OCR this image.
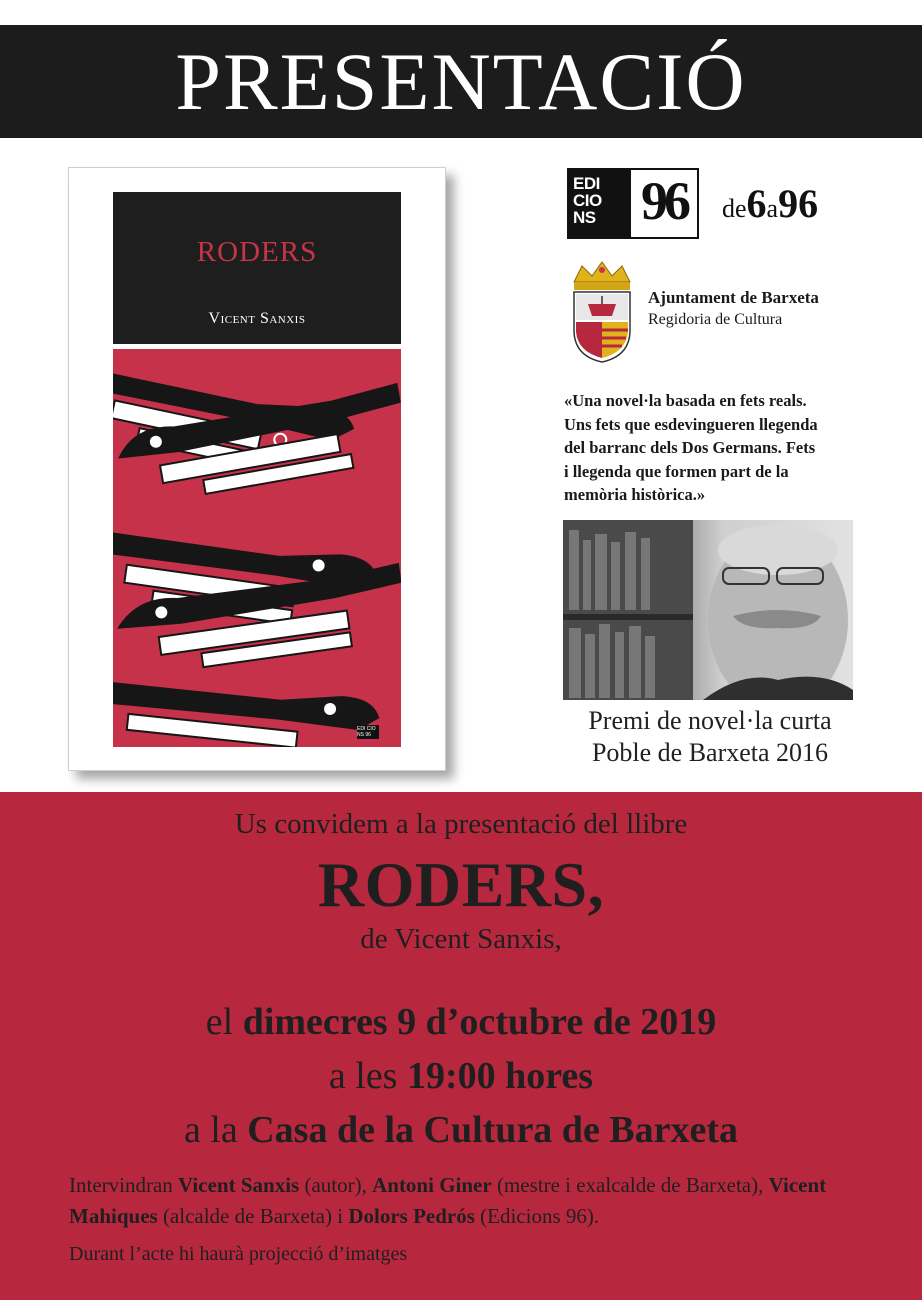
PRESENTACIÓ
RODERS
Vicent Sanxis
EDI CIO NS 96
EDI
CIO
NS 96	de6a96
Ajuntament de Barxeta
Regidoria de Cultura
«Una novel·la basada en fets reals.
Uns fets que esdevingueren llegenda
del barranc dels Dos Germans. Fets
i llegenda que formen part de la
memòria històrica.»
Premi de novel·la curta
Poble de Barxeta 2016
Us convidem a la presentació del llibre
RODERS,
de Vicent Sanxis,
el dimecres 9 d’octubre de 2019
a les 19:00 hores
a la Casa de la Cultura de Barxeta
Intervindran Vicent Sanxis (autor), Antoni Giner (mestre i exalcalde de Barxeta), Vicent Mahiques (alcalde de Barxeta) i Dolors Pedrós (Edicions 96).
Durant l’acte hi haurà projecció d’imatges
